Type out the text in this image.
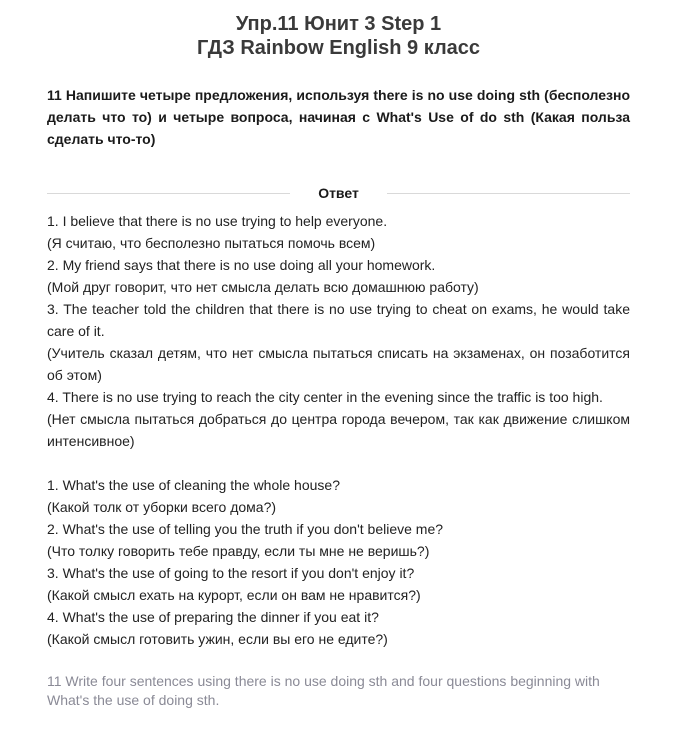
Упр.11 Юнит 3 Step 1
ГДЗ Rainbow English 9 класс
11 Напишите четыре предложения, используя there is no use doing sth (бесполезно делать что то) и четыре вопроса, начиная с What's Use of do sth (Какая польза сделать что-то)
Ответ

1. I believe that there is no use trying to help everyone.

(Я считаю, что бесполезно пытаться помочь всем)

2. My friend says that there is no use doing all your homework.

(Мой друг говорит, что нет смысла делать всю домашнюю работу)

3. The teacher told the children that there is no use trying to cheat on exams, he would take care of it.

(Учитель сказал детям, что нет смысла пытаться списать на экзаменах, он позаботится об этом)

4. There is no use trying to reach the city center in the evening since the traffic is too high.

(Нет смысла пытаться добраться до центра города вечером, так как движение слишком интенсивное)

1. What's the use of cleaning the whole house?

(Какой толк от уборки всего дома?)

2. What's the use of telling you the truth if you don't believe me?

(Что толку говорить тебе правду, если ты мне не веришь?)

3. What's the use of going to the resort if you don't enjoy it?

(Какой смысл ехать на курорт, если он вам не нравится?)

4. What's the use of preparing the dinner if you eat it?

(Какой смысл готовить ужин, если вы его не едите?)

11 Write four sentences using there is no use doing sth and four questions beginning with What's the use of doing sth.
